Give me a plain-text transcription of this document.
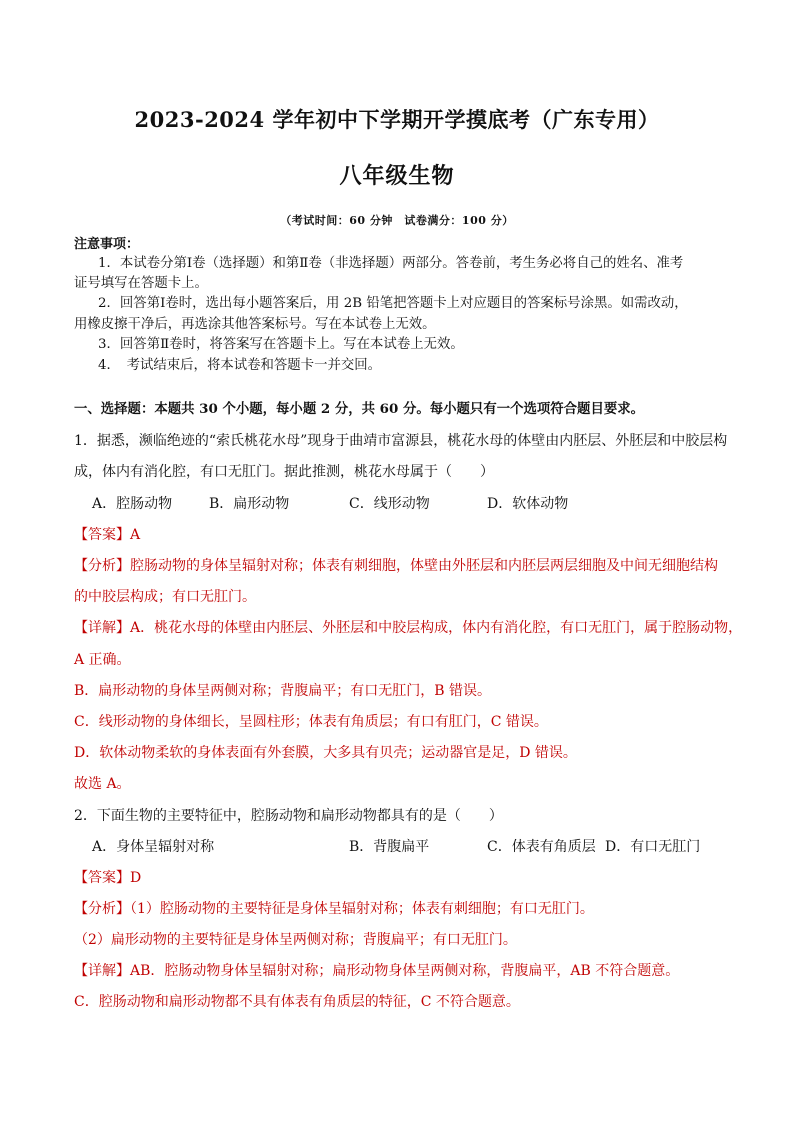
2023-2024 学年初中下学期开学摸底考（广东专用）
八年级生物
（考试时间：60 分钟　试卷满分：100 分）
注意事项：
1．本试卷分第Ⅰ卷（选择题）和第Ⅱ卷（非选择题）两部分。答卷前，考生务必将自己的姓名、准考
证号填写在答题卡上。
2．回答第Ⅰ卷时，选出每小题答案后，用 2B 铅笔把答题卡上对应题目的答案标号涂黑。如需改动，
用橡皮擦干净后，再选涂其他答案标号。写在本试卷上无效。
3．回答第Ⅱ卷时，将答案写在答题卡上。写在本试卷上无效。
4．　考试结束后，将本试卷和答题卡一并交回。
一、选择题：本题共 30 个小题，每小题 2 分，共 60 分。每小题只有一个选项符合题目要求。
1．据悉，濒临绝迹的“索氏桃花水母”现身于曲靖市富源县，桃花水母的体壁由内胚层、外胚层和中胶层构
成，体内有消化腔，有口无肛门。据此推测，桃花水母属于（　　）
A．腔肠动物	B．扁形动物	C．线形动物	D．软体动物
【答案】A
【分析】腔肠动物的身体呈辐射对称；体表有刺细胞，体壁由外胚层和内胚层两层细胞及中间无细胞结构
的中胶层构成；有口无肛门。
【详解】A．桃花水母的体壁由内胚层、外胚层和中胶层构成，体内有消化腔，有口无肛门，属于腔肠动物，
A 正确。
B．扁形动物的身体呈两侧对称；背腹扁平；有口无肛门，B 错误。
C．线形动物的身体细长，呈圆柱形；体表有角质层；有口有肛门，C 错误。
D．软体动物柔软的身体表面有外套膜，大多具有贝壳；运动器官是足，D 错误。
故选 A。
2．下面生物的主要特征中，腔肠动物和扁形动物都具有的是（　　）
A．身体呈辐射对称	B．背腹扁平	C．体表有角质层 D．有口无肛门
【答案】D
【分析】（1）腔肠动物的主要特征是身体呈辐射对称；体表有刺细胞；有口无肛门。
（2）扁形动物的主要特征是身体呈两侧对称；背腹扁平；有口无肛门。
【详解】AB．腔肠动物身体呈辐射对称；扁形动物身体呈两侧对称，背腹扁平，AB 不符合题意。
C．腔肠动物和扁形动物都不具有体表有角质层的特征，C 不符合题意。
